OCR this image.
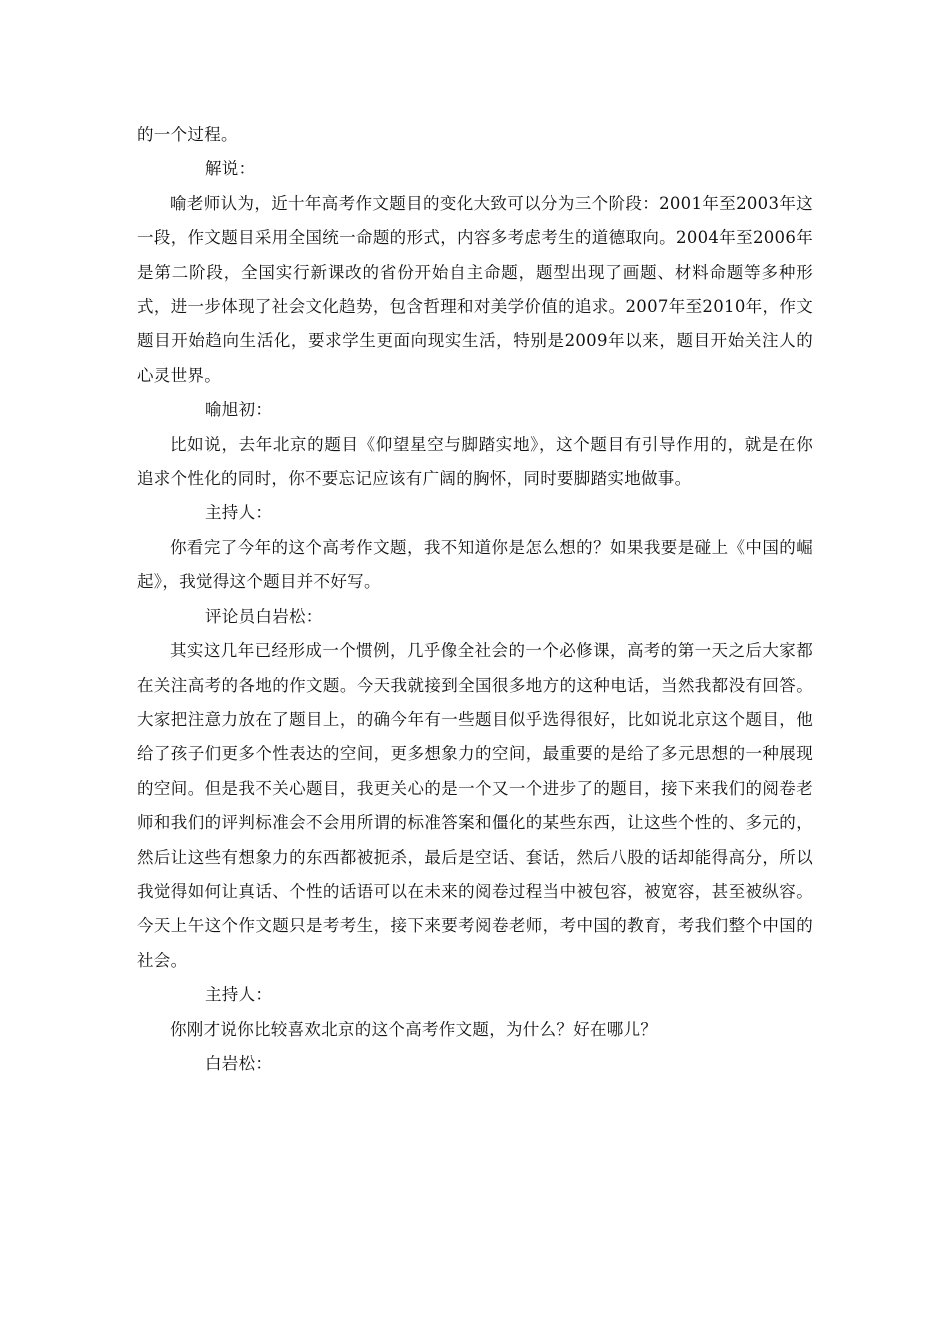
的一个过程。

解说：

喻老师认为，近十年高考作文题目的变化大致可以分为三个阶段：2001年至2003年这一段，作文题目采用全国统一命题的形式，内容多考虑考生的道德取向。2004年至2006年是第二阶段，全国实行新课改的省份开始自主命题，题型出现了画题、材料命题等多种形式，进一步体现了社会文化趋势，包含哲理和对美学价值的追求。2007年至2010年，作文题目开始趋向生活化，要求学生更面向现实生活，特别是2009年以来，题目开始关注人的心灵世界。

喻旭初：

比如说，去年北京的题目《仰望星空与脚踏实地》，这个题目有引导作用的，就是在你追求个性化的同时，你不要忘记应该有广阔的胸怀，同时要脚踏实地做事。

主持人：

你看完了今年的这个高考作文题，我不知道你是怎么想的？如果我要是碰上《中国的崛起》，我觉得这个题目并不好写。

评论员白岩松：

其实这几年已经形成一个惯例，几乎像全社会的一个必修课，高考的第一天之后大家都在关注高考的各地的作文题。今天我就接到全国很多地方的这种电话，当然我都没有回答。大家把注意力放在了题目上，的确今年有一些题目似乎选得很好，比如说北京这个题目，他给了孩子们更多个性表达的空间，更多想象力的空间，最重要的是给了多元思想的一种展现的空间。但是我不关心题目，我更关心的是一个又一个进步了的题目，接下来我们的阅卷老师和我们的评判标准会不会用所谓的标准答案和僵化的某些东西，让这些个性的、多元的，然后让这些有想象力的东西都被扼杀，最后是空话、套话，然后八股的话却能得高分，所以我觉得如何让真话、个性的话语可以在未来的阅卷过程当中被包容，被宽容，甚至被纵容。今天上午这个作文题只是考考生，接下来要考阅卷老师，考中国的教育，考我们整个中国的社会。

主持人：

你刚才说你比较喜欢北京的这个高考作文题，为什么？好在哪儿？

白岩松：
